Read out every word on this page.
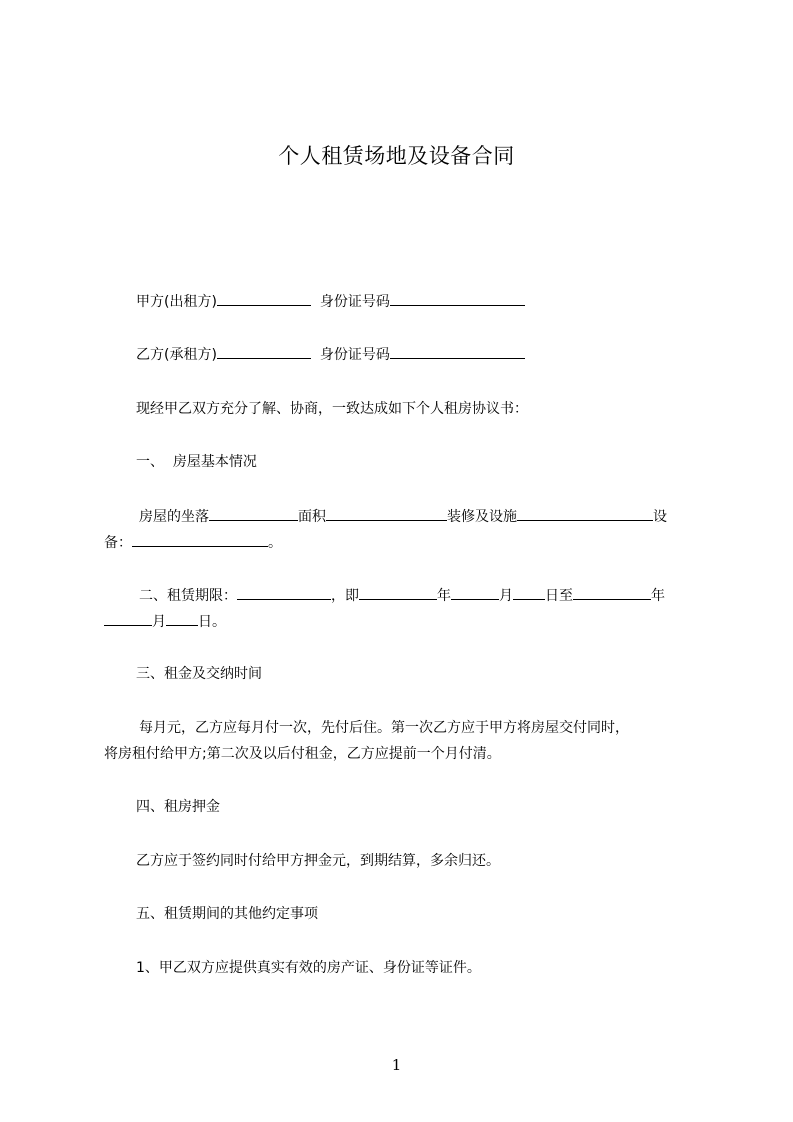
个人租赁场地及设备合同
甲方(出租方)	身份证号码
乙方(承租方)	身份证号码
现经甲乙双方充分了解、协商，一致达成如下个人租房协议书：
一、  房屋基本情况
房屋的坐落	面积	装修及设施	设
备：	。
二、租赁期限：	，即	年	月 日至	年
月 日。
三、租金及交纳时间
每月元，乙方应每月付一次，先付后住。第一次乙方应于甲方将房屋交付同时，
将房租付给甲方;第二次及以后付租金，乙方应提前一个月付清。
四、租房押金
乙方应于签约同时付给甲方押金元，到期结算，多余归还。
五、租赁期间的其他约定事项
1、甲乙双方应提供真实有效的房产证、身份证等证件。
1
